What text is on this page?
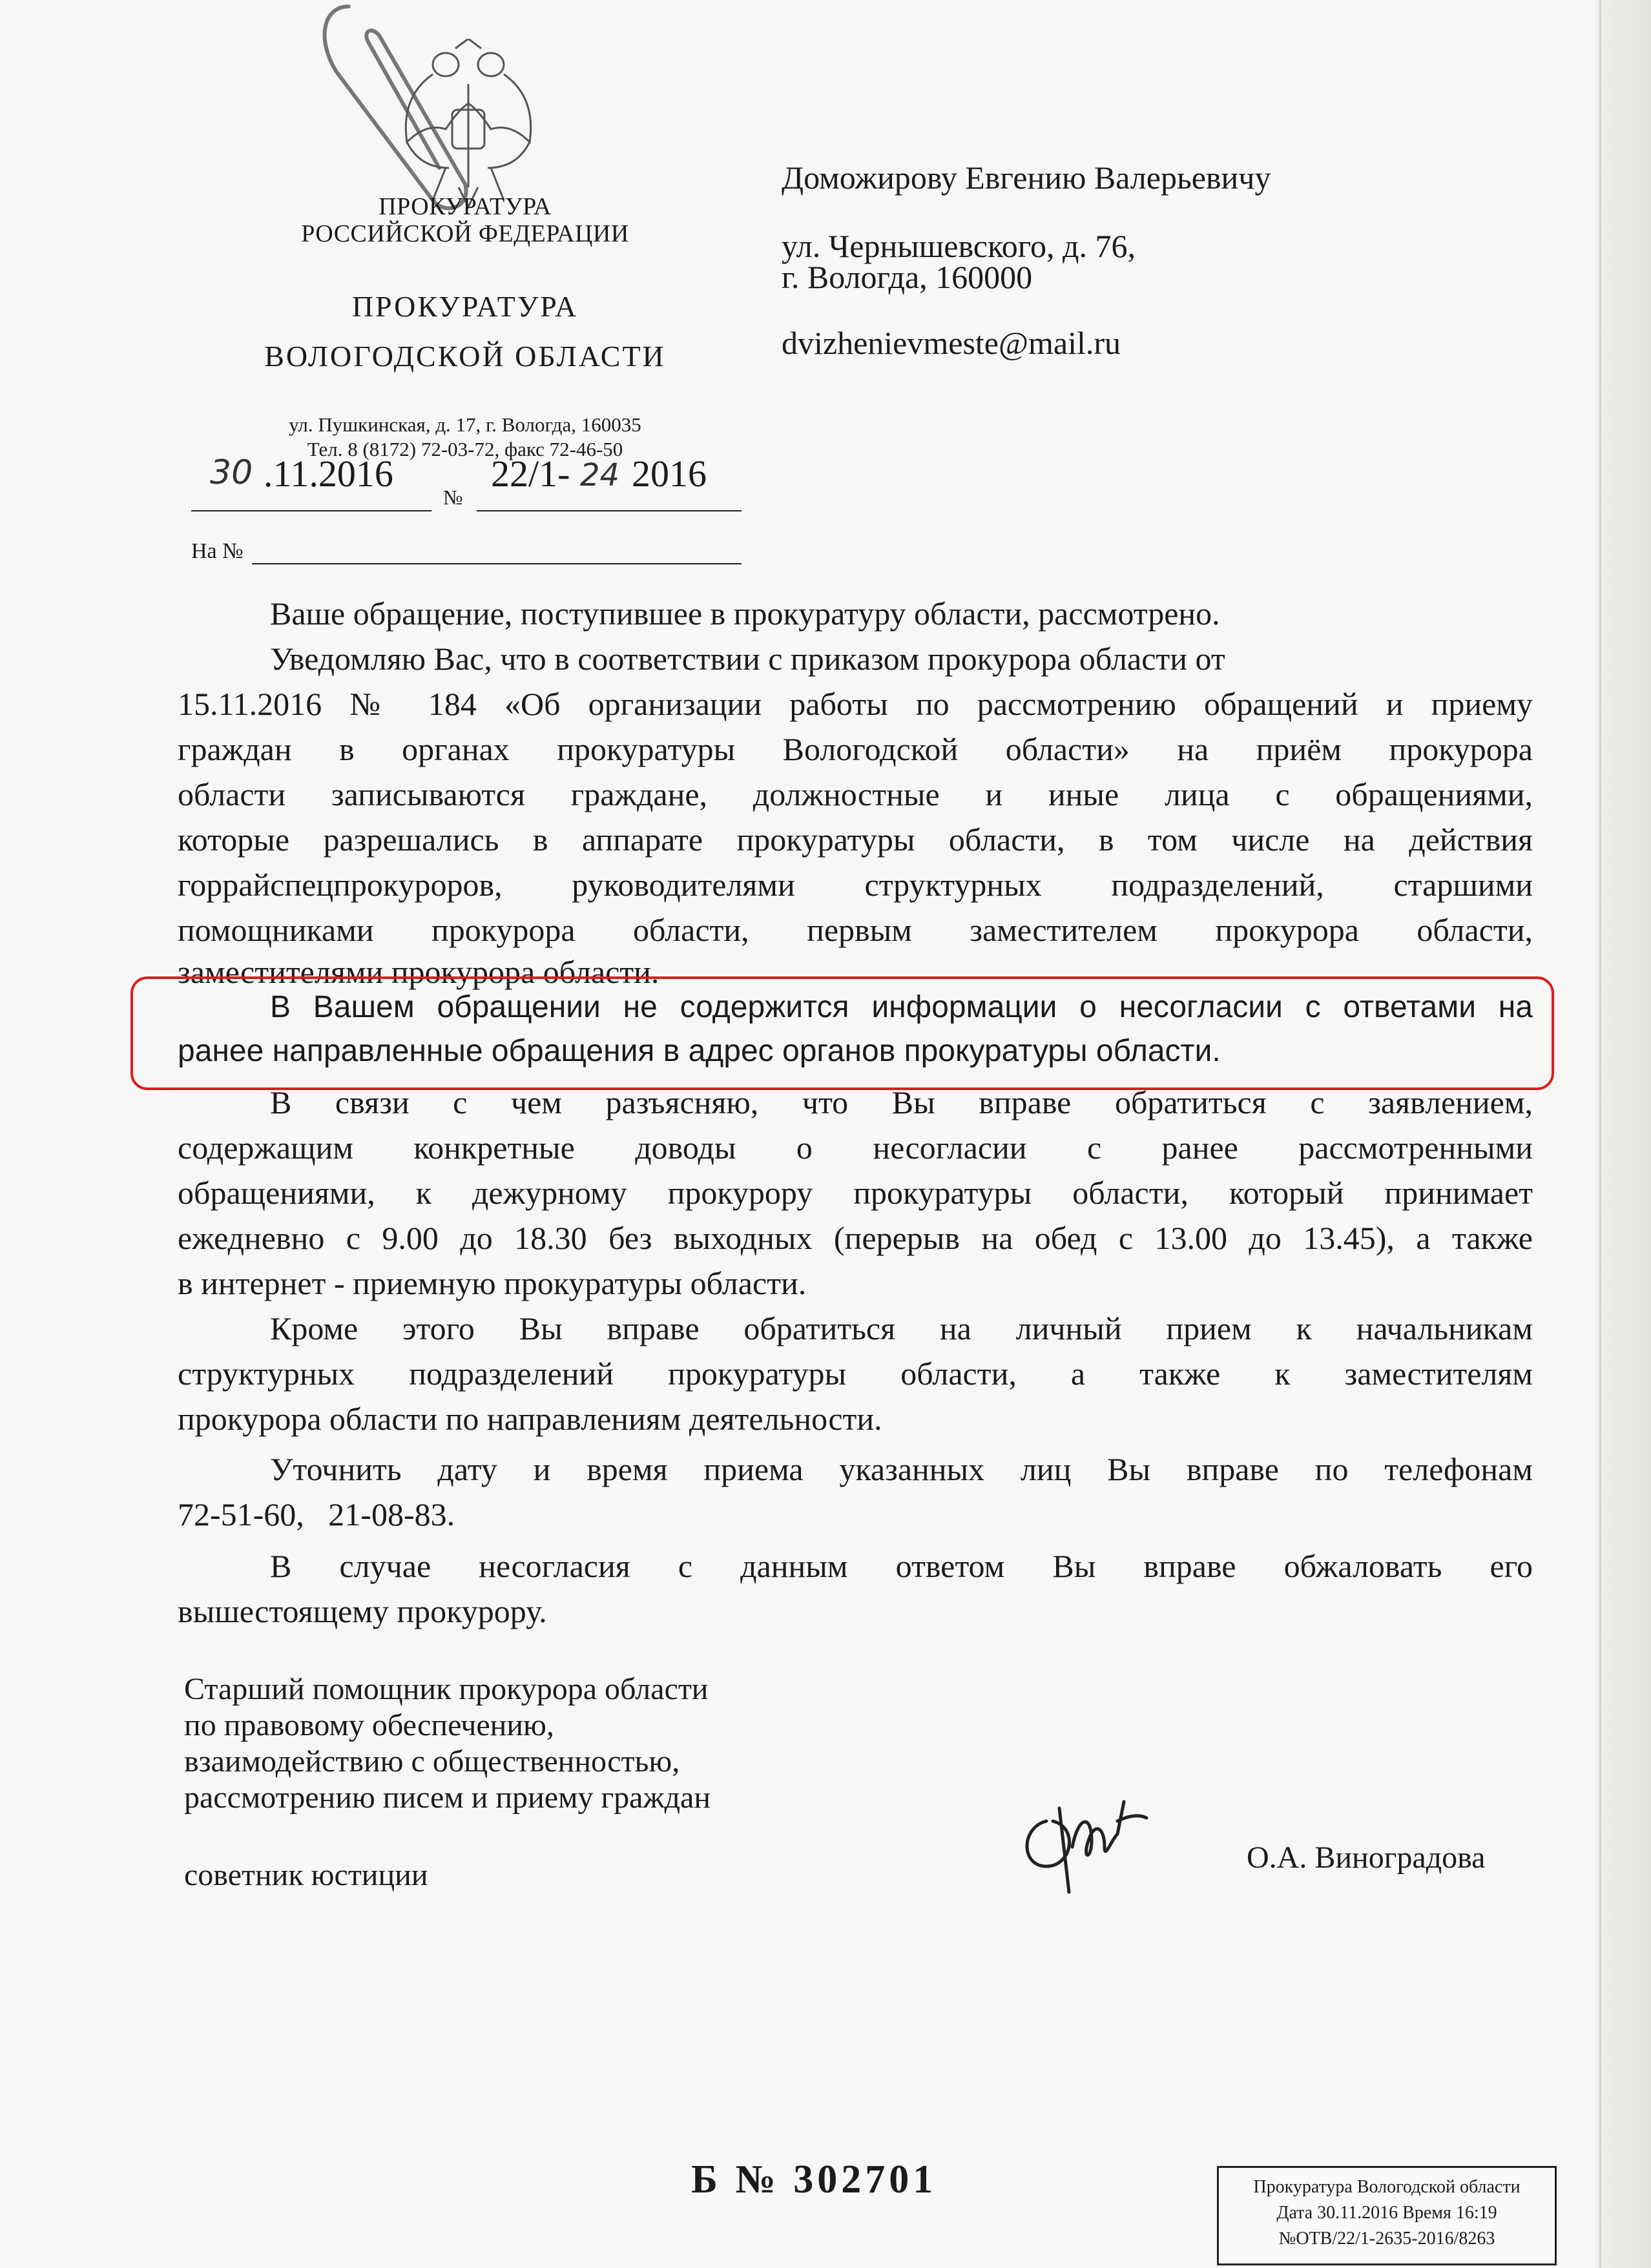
ПРОКУРАТУРА
РОССИЙСКОЙ ФЕДЕРАЦИИ
ПРОКУРАТУРА
ВОЛОГОДСКОЙ ОБЛАСТИ
ул. Пушкинская, д. 17, г. Вологда, 160035
Тел. 8 (8172) 72-03-72, факс 72-46-50
30 .11.2016
№
22/1- 24 2016
На №
Доможирову Евгению Валерьевичу
ул. Чернышевского, д. 76,
г. Вологда, 160000
dvizhenievmeste@mail.ru
Ваше обращение, поступившее в прокуратуру области, рассмотрено.
Уведомляю Вас, что в соответствии с приказом прокурора области от
15.11.2016 № 184 «Об организации работы по рассмотрению обращений и приему
граждан в органах прокуратуры Вологодской области» на приём прокурора
области записываются граждане, должностные и иные лица с обращениями,
которые разрешались в аппарате прокуратуры области, в том числе на действия
горрайспецпрокуроров, руководителями структурных подразделений, старшими
помощниками прокурора области, первым заместителем прокурора области,
заместителями прокурора области.
В Вашем обращении не содержится информации о несогласии с ответами на
ранее направленные обращения в адрес органов прокуратуры области.
В связи с чем разъясняю, что Вы вправе обратиться с заявлением,
содержащим конкретные доводы о несогласии с ранее рассмотренными
обращениями, к дежурному прокурору прокуратуры области, который принимает
ежедневно с 9.00 до 18.30 без выходных (перерыв на обед с 13.00 до 13.45), а также
в интернет - приемную прокуратуры области.
Кроме этого Вы вправе обратиться на личный прием к начальникам
структурных подразделений прокуратуры области, а также к заместителям
прокурора области по направлениям деятельности.
Уточнить дату и время приема указанных лиц Вы вправе по телефонам
72-51-60,   21-08-83.
В случае несогласия с данным ответом Вы вправе обжаловать его
вышестоящему прокурору.
Старший помощник прокурора области
по правовому обеспечению,
взаимодействию с общественностью,
рассмотрению писем и приему граждан
советник юстиции
О.А. Виноградова
Б № 302701	Прокуратура Вологодской области
Дата 30.11.2016 Время 16:19
№ОТВ/22/1-2635-2016/8263
